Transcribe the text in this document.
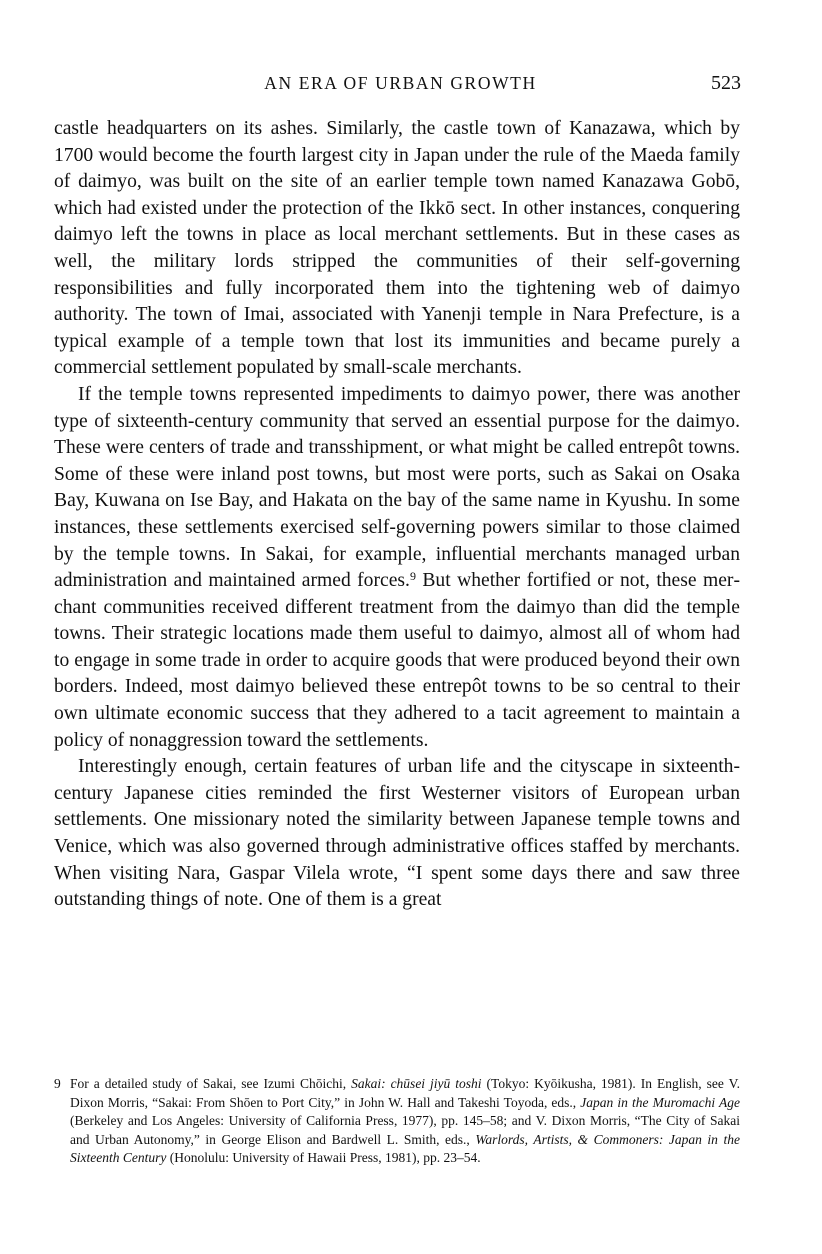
AN ERA OF URBAN GROWTH	523

castle headquarters on its ashes. Similarly, the castle town of Kanazawa, which by 1700 would become the fourth largest city in Japan under the rule of the Maeda family of daimyo, was built on the site of an earlier temple town named Kanazawa Gobō, which had existed under the protection of the Ikkō sect. In other instances, conquering daimyo left the towns in place as local merchant settlements. But in these cases as well, the military lords stripped the communities of their self-governing responsibilities and fully incorporated them into the tightening web of daimyo authority. The town of Imai, associated with Yanenji temple in Nara Prefecture, is a typical example of a temple town that lost its immunities and became purely a commercial settlement populated by small-scale merchants.

If the temple towns represented impediments to daimyo power, there was another type of sixteenth-century community that served an essential purpose for the daimyo. These were centers of trade and transshipment, or what might be called entrepôt towns. Some of these were inland post towns, but most were ports, such as Sakai on Osaka Bay, Kuwana on Ise Bay, and Hakata on the bay of the same name in Kyushu. In some instances, these settlements exercised self-governing powers similar to those claimed by the temple towns. In Sakai, for example, influential merchants managed urban administration and maintained armed forces.$^9$ But whether fortified or not, these merchant communities received different treatment from the daimyo than did the temple towns. Their strategic locations made them useful to daimyo, almost all of whom had to engage in some trade in order to acquire goods that were produced beyond their own borders. Indeed, most daimyo believed these entrepôt towns to be so central to their own ultimate economic success that they adhered to a tacit agreement to maintain a policy of nonaggression toward the settlements.

Interestingly enough, certain features of urban life and the cityscape in sixteenth-century Japanese cities reminded the first Westerner visitors of European urban settlements. One missionary noted the similarity between Japanese temple towns and Venice, which was also governed through administrative offices staffed by merchants. When visiting Nara, Gaspar Vilela wrote, “I spent some days there and saw three outstanding things of note. One of them is a great

9 For a detailed study of Sakai, see Izumi Chōichi, Sakai: chūsei jiyū toshi (Tokyo: Kyōikusha, 1981). In English, see V. Dixon Morris, “Sakai: From Shōen to Port City,” in John W. Hall and Takeshi Toyoda, eds., Japan in the Muromachi Age (Berkeley and Los Angeles: University of California Press, 1977), pp. 145–58; and V. Dixon Morris, “The City of Sakai and Urban Autonomy,” in George Elison and Bardwell L. Smith, eds., Warlords, Artists, & Commoners: Japan in the Sixteenth Century (Honolulu: University of Hawaii Press, 1981), pp. 23–54.
